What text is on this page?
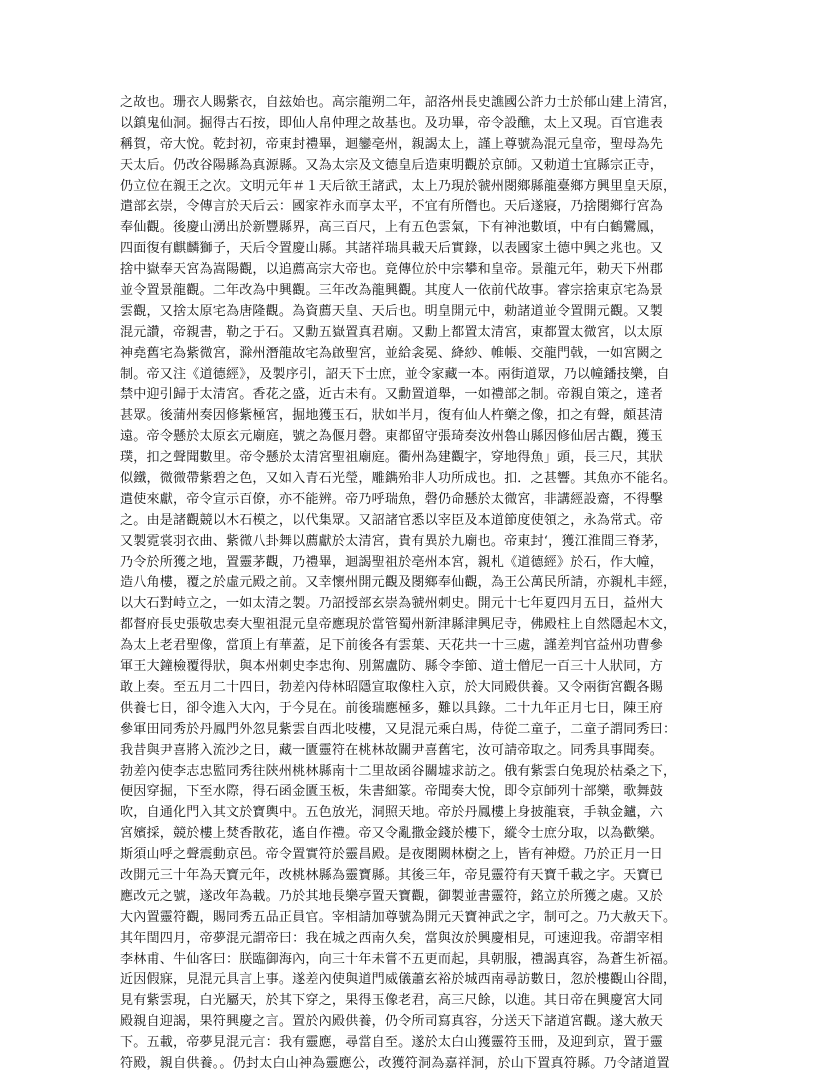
之故也。珊衣人賜紫衣，自玆始也。高宗龍朔二年，詔洛州長史譙國公許力士於郁山建上清宮，
以鎮鬼仙洞。掘得古石按，即仙人帛仲理之故基也。及功畢，帝令設醮，太上又現。百官進表
稱賀，帝大悅。乾封初，帝東封禮畢，迴鑾亳州，親謁太上，謹上尊號為混元皇帝，聖母為先
天太后。仍改谷陽縣為真源縣。又為太宗及文德皇后造東明觀於京師。又勅道士宜縣宗正寺，
仍立位在親王之次。文明元年＃１天后欲王諸武，太上乃現於虢州閿鄉縣龍臺鄉方興里皇天原，
遣部玄崇，令傳言於天后云：國家祚永而享太平，不宜有所僭也。天后遂寢，乃捨閿鄉行宮為
奉仙觀。後慶山湧出於新豐縣界，高三百尺，上有五色雲氣，下有神池數頃，中有白鶴鸞鳳，
四面復有麒麟獅子，天后令置慶山縣。其諸祥瑞具載天后實錄，以表國家土德中興之兆也。又
捨中嶽奉天宮為嵩陽觀，以追薦高宗大帝也。竟傳位於中宗攀和皇帝。景龍元年，勅天下州郡
並令置景龍觀。二年改為中興觀。三年改為龍興觀。其度人一依前代故事。睿宗捨東京宅為景
雲觀，又捨太原宅為唐隆觀。為資薦天皇、天后也。明皇開元中，勅諸道並令置開元觀。又製
混元讚，帝親書，勒之于石。又勳五嶽置真君廟。又勳上都置太清宮，東都置太微宮，以太原
神堯舊宅為紫微宮，滁州潛龍故宅為啟聖宮，並給衾冕、絳紗、帷帳、交龍門戟，一如宮闕之
制。帝又注《道德經》，及製序引，詔天下士庶，並令家藏一本。兩街道眾，乃以幢鐇技樂，自
禁中迎引歸于太清宮。香花之盛，近古未有。又勳置道舉，一如禮部之制。帝親自策之，達者
甚眾。後蒲州奏因修紫極宮，掘地獲玉石，狀如半月，復有仙人杵藥之像，扣之有聲，頗甚清
遠。帝令懸於太原玄元廟庭，號之為偃月磬。東都留守張琦奏汝州魯山縣因修仙居古觀，獲玉
璞，扣之聲聞數里。帝令懸於太清宮聖祖廟庭。衢州為建觀字，穿地得魚」頭，長三尺，其狀
似鐵，微微帶紫碧之色，又如入青石光瑩，雕鐫殆非人功所成也。扣．之甚響。其魚亦不能名。
遣使來獻，帝令宣示百僚，亦不能辨。帝乃呼瑞魚，磬仍命懸於太微宮，非講經設齋，不得擊
之。由是諸觀競以木石模之，以代集眾。又詔諸官悉以宰臣及本道節度使領之，永為常式。帝
又製霓裳羽衣曲、紫微八卦舞以薦獻於太清宮，貴有異於九廟也。帝東封‘，獲江淮間三脊茅，
乃令於所獲之地，置靈茅觀，乃禮畢，迴謁聖祖於亳州本宮，親札《道德經》於石，作大幢，
造八角樓，覆之於虛元殿之前。又幸懷州開元觀及閿鄉奉仙觀，為王公萬民所請，亦親札丰經，
以大石對峙立之，一如太清之製。乃詔授部玄崇為虢州刺史。開元十七年夏四月五日，益州大
都督府長史張敬忠奏大聖祖混元皇帝應現於當管蜀州新津縣津興尼寺，佛殿柱上自然隱起木文，
為太上老君聖像，當頂上有華蓋，足下前後各有雲葉、天花共一十三處，謹差判官益州功曹參
軍王大鐘檢覆得狀，與本州刺史李忠徇、別駕盧防、縣令李節、道士僧尼一百三十人狀同，方
敢上奏。至五月二十四日，勃差內侍林昭隱宣取像柱入京，於大同殿供養。又令兩街宮觀各賜
供養七日，卻令進入大內，于今見在。前後瑞應極多，難以具錄。二十九年正月七日，陳王府
參軍田同秀於丹鳳門外忽見紫雲自西北吱樓，又見混元乘白馬，侍從二童子，二童子謂同秀曰：
我昔與尹喜將入流沙之日，藏一匱靈符在桃林故關尹喜舊宅，汝可請帝取之。同秀具事聞奏。
勃差內使李志忠監同秀往陝州桃林縣南十二里故函谷關墟求訪之。俄有紫雲白兔現於枯桑之下，
便因穿掘，下至水際，得石函金匱玉板，朱書細篆。帝聞奏大悅，即令京師列十部樂，歌舞鼓
吹，自通化門入其文於寶輿中。五色放光，洞照天地。帝於丹鳳樓上身披龍衰，手執金鑪，六
宮嬪採，競於樓上焚香散花，遙自作禮。帝又令亂撒金錢於樓下，縱令士庶分取，以為歡樂。
斯須山呼之聲震動京邑。帝令置實符於靈昌殿。是夜閿闕林樹之上，皆有神燈。乃於正月一日
改開元三十年為天寶元年，改桃林縣為靈寶縣。其後三年，帝見靈符有天寶千載之字。天寶已
應改元之號，遂改年為載。乃於其地長樂亭置天寶觀，御製並書靈符，銘立於所獲之處。又於
大內置靈符觀，賜同秀五品正員官。宰相請加尊號為開元天寶神武之字，制可之。乃大赦天下。
其年閏四月，帝夢混元謂帝曰：我在城之西南久矣，當與汝於興慶相見，可速迎我。帝謂宰相
李林甫、牛仙客曰：朕臨御海內，向三十年未嘗不五更而起，具朝服，禮謁真容，為蒼生祈福。
近因假寐，見混元具言上事。遂差內使與道門威儀蕭玄裕於城西南尋訪數日，忽於樓觀山谷間，
見有紫雲現，白光屬天，於其下穿之，果得玉像老君，高三尺餘，以進。其日帝在興慶宮大同
殿親自迎謁，果符興慶之言。置於內殿供養，仍令所司寫真容，分送天下諸道宮觀。遂大赦天
下。五載，帝夢見混元言：我有靈應，尋當自至。遂於太白山獲靈符玉冊，及迎到京，置于靈
符殿，親自供養。。仍封太白山神為靈應公，改獲符洞為嘉祥洞，於山下置真符縣。乃令諸道置
